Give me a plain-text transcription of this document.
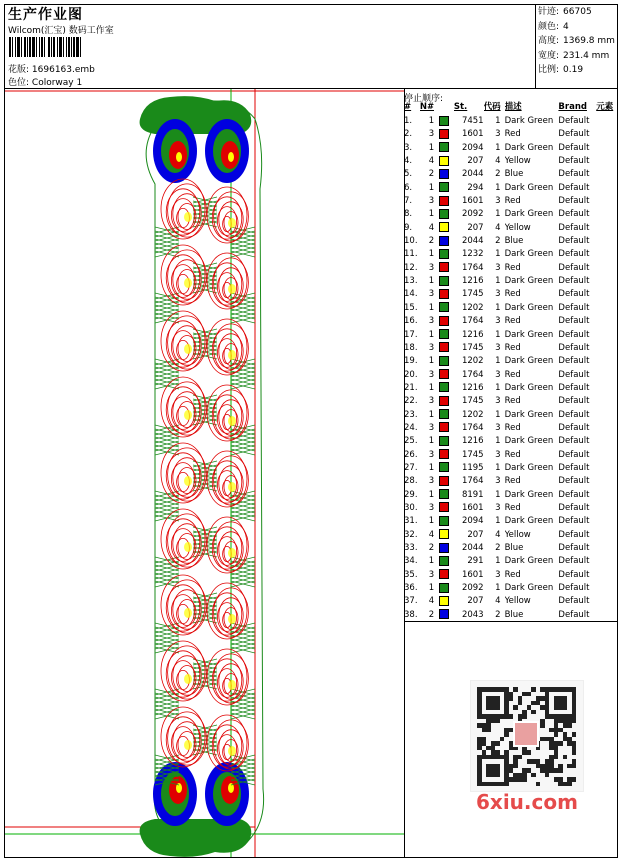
生产作业图
Wilcom(汇宝) 数码工作室
花版: 1696163.emb
色位: Colorway 1
针迹: 66705
颜色: 4
高度: 1369.8 mm
宽度: 231.4 mm
比例: 0.19
停止顺序:
#	N#		St.	代码	描述	Brand	元素
1.	1		7451	1	Dark Green	Default	
2.	3		1601	3	Red	Default	
3.	1		2094	1	Dark Green	Default	
4.	4		207	4	Yellow	Default	
5.	2		2044	2	Blue	Default	
6.	1		294	1	Dark Green	Default	
7.	3		1601	3	Red	Default	
8.	1		2092	1	Dark Green	Default	
9.	4		207	4	Yellow	Default	
10.	2		2044	2	Blue	Default	
11.	1		1232	1	Dark Green	Default	
12.	3		1764	3	Red	Default	
13.	1		1216	1	Dark Green	Default	
14.	3		1745	3	Red	Default	
15.	1		1202	1	Dark Green	Default	
16.	3		1764	3	Red	Default	
17.	1		1216	1	Dark Green	Default	
18.	3		1745	3	Red	Default	
19.	1		1202	1	Dark Green	Default	
20.	3		1764	3	Red	Default	
21.	1		1216	1	Dark Green	Default	
22.	3		1745	3	Red	Default	
23.	1		1202	1	Dark Green	Default	
24.	3		1764	3	Red	Default	
25.	1		1216	1	Dark Green	Default	
26.	3		1745	3	Red	Default	
27.	1		1195	1	Dark Green	Default	
28.	3		1764	3	Red	Default	
29.	1		8191	1	Dark Green	Default	
30.	3		1601	3	Red	Default	
31.	1		2094	1	Dark Green	Default	
32.	4		207	4	Yellow	Default	
33.	2		2044	2	Blue	Default	
34.	1		291	1	Dark Green	Default	
35.	3		1601	3	Red	Default	
36.	1		2092	1	Dark Green	Default	
37.	4		207	4	Yellow	Default	
38.	2		2043	2	Blue	Default	
6xiu.com
